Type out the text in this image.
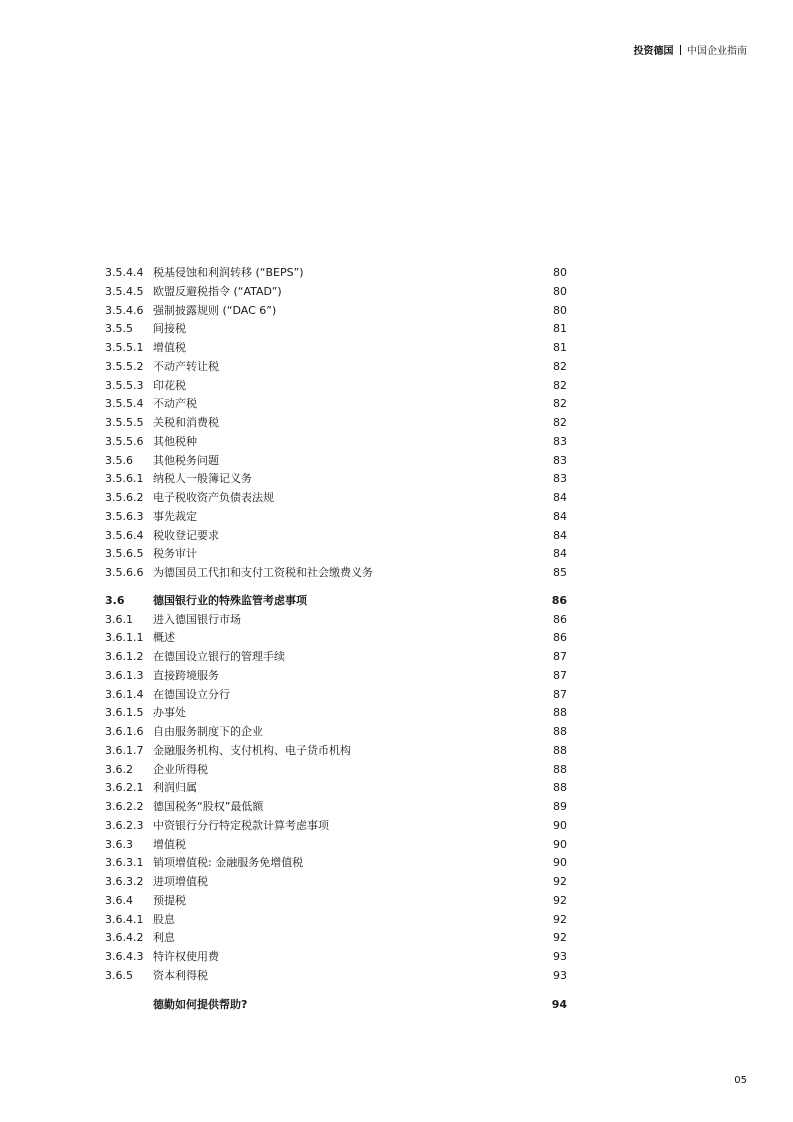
投资德国 中国企业指南
3.5.4.4 税基侵蚀和利润转移 (“BEPS”)	80
3.5.4.5 欧盟反避税指令 (“ATAD”)	80
3.5.4.6 强制披露规则 (“DAC 6”)	80
3.5.5 间接税	81
3.5.5.1 增值税	81
3.5.5.2 不动产转让税	82
3.5.5.3 印花税	82
3.5.5.4 不动产税	82
3.5.5.5 关税和消费税	82
3.5.5.6 其他税种	83
3.5.6 其他税务问题	83
3.5.6.1 纳税人一般簿记义务	83
3.5.6.2 电子税收资产负债表法规	84
3.5.6.3 事先裁定	84
3.5.6.4 税收登记要求	84
3.5.6.5 税务审计	84
3.5.6.6 为德国员工代扣和支付工资税和社会缴费义务	85
3.6	德国银行业的特殊监管考虑事项	86
3.6.1 进入德国银行市场	86
3.6.1.1 概述	86
3.6.1.2 在德国设立银行的管理手续	87
3.6.1.3 直接跨境服务	87
3.6.1.4 在德国设立分行	87
3.6.1.5 办事处	88
3.6.1.6 自由服务制度下的企业	88
3.6.1.7 金融服务机构、支付机构、电子货币机构	88
3.6.2 企业所得税	88
3.6.2.1 利润归属	88
3.6.2.2 德国税务“股权”最低额	89
3.6.2.3 中资银行分行特定税款计算考虑事项	90
3.6.3 增值税	90
3.6.3.1 销项增值税: 金融服务免增值税	90
3.6.3.2 进项增值税	92
3.6.4 预提税	92
3.6.4.1 股息	92
3.6.4.2 利息	92
3.6.4.3 特许权使用费	93
3.6.5 资本利得税	93
德勤如何提供帮助?	94
05
